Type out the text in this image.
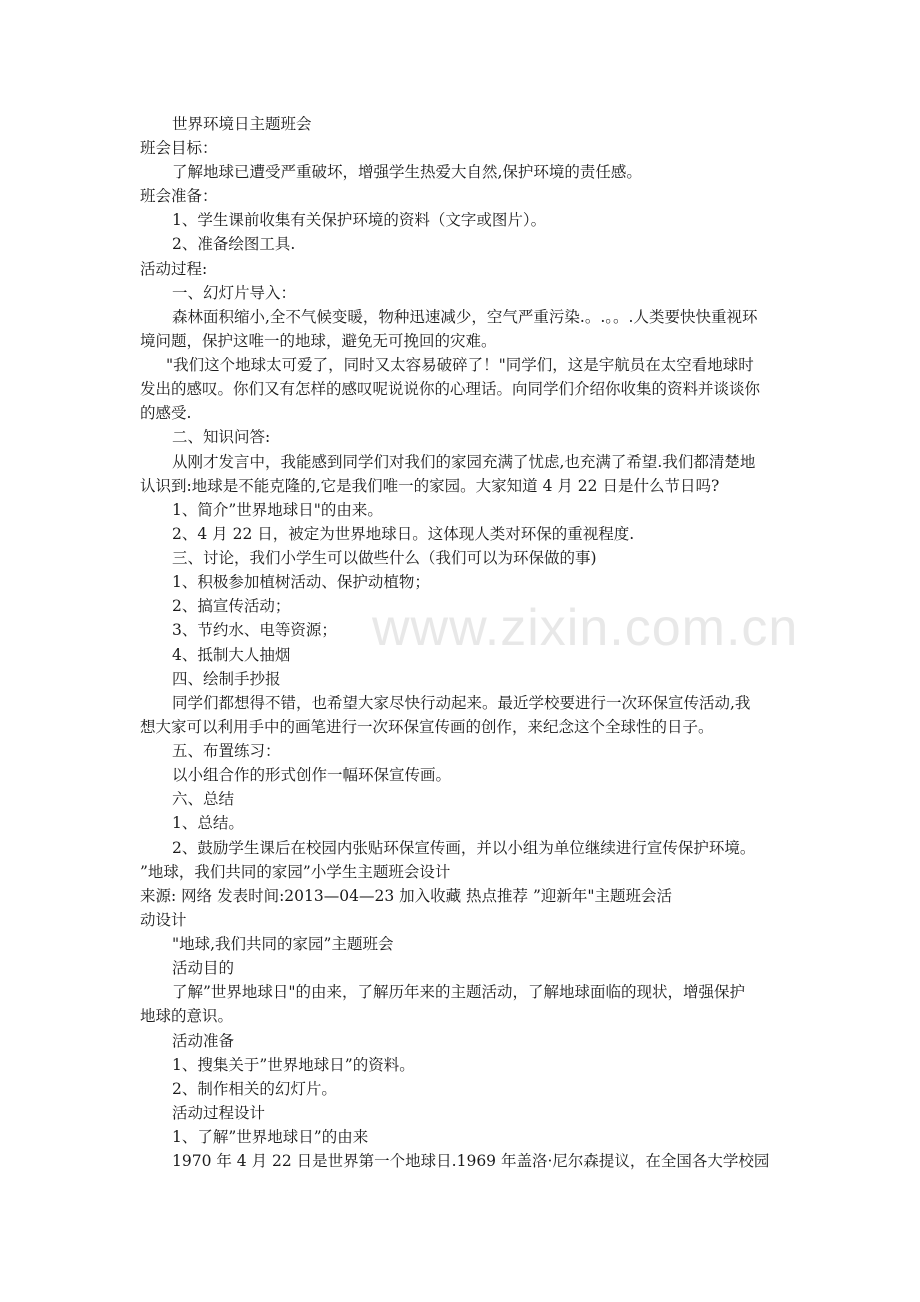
世界环境日主题班会
班会目标：
了解地球已遭受严重破坏，增强学生热爱大自然,保护环境的责任感。
班会准备：
1、学生课前收集有关保护环境的资料（文字或图片）。
2、准备绘图工具.
活动过程:
一、幻灯片导入：
森林面积缩小,全不气候变暖，物种迅速减少，空气严重污染.。.。。.人类要快快重视环
境问题，保护这唯一的地球，避免无可挽回的灾难。
"我们这个地球太可爱了，同时又太容易破碎了！"同学们，这是宇航员在太空看地球时
发出的感叹。你们又有怎样的感叹呢说说你的心理话。向同学们介绍你收集的资料并谈谈你
的感受.
二、知识问答:
从刚才发言中，我能感到同学们对我们的家园充满了忧虑,也充满了希望.我们都清楚地
认识到:地球是不能克隆的,它是我们唯一的家园。大家知道 4 月 22 日是什么节日吗?
1、简介”世界地球日"的由来。
2、4 月 22 日，被定为世界地球日。这体现人类对环保的重视程度.
三、讨论，我们小学生可以做些什么（我们可以为环保做的事)
1、积极参加植树活动、保护动植物；
2、搞宣传活动；
3、节约水、电等资源；
4、抵制大人抽烟
四、绘制手抄报
同学们都想得不错，也希望大家尽快行动起来。最近学校要进行一次环保宣传活动,我
想大家可以利用手中的画笔进行一次环保宣传画的创作，来纪念这个全球性的日子。
五、布置练习：
以小组合作的形式创作一幅环保宣传画。
六、总结
1、总结。
2、鼓励学生课后在校园内张贴环保宣传画，并以小组为单位继续进行宣传保护环境。
”地球，我们共同的家园”小学生主题班会设计
来源: 网络 发表时间:2013—04—23 加入收藏 热点推荐 ”迎新年"主题班会活
动设计
"地球,我们共同的家园”主题班会
活动目的
了解”世界地球日"的由来，了解历年来的主题活动，了解地球面临的现状，增强保护
地球的意识。
活动准备
1、搜集关于”世界地球日”的资料。
2、制作相关的幻灯片。
活动过程设计
1、了解”世界地球日”的由来
1970 年 4 月 22 日是世界第一个地球日.1969 年盖洛·尼尔森提议，在全国各大学校园
www.zixin.com.cn
